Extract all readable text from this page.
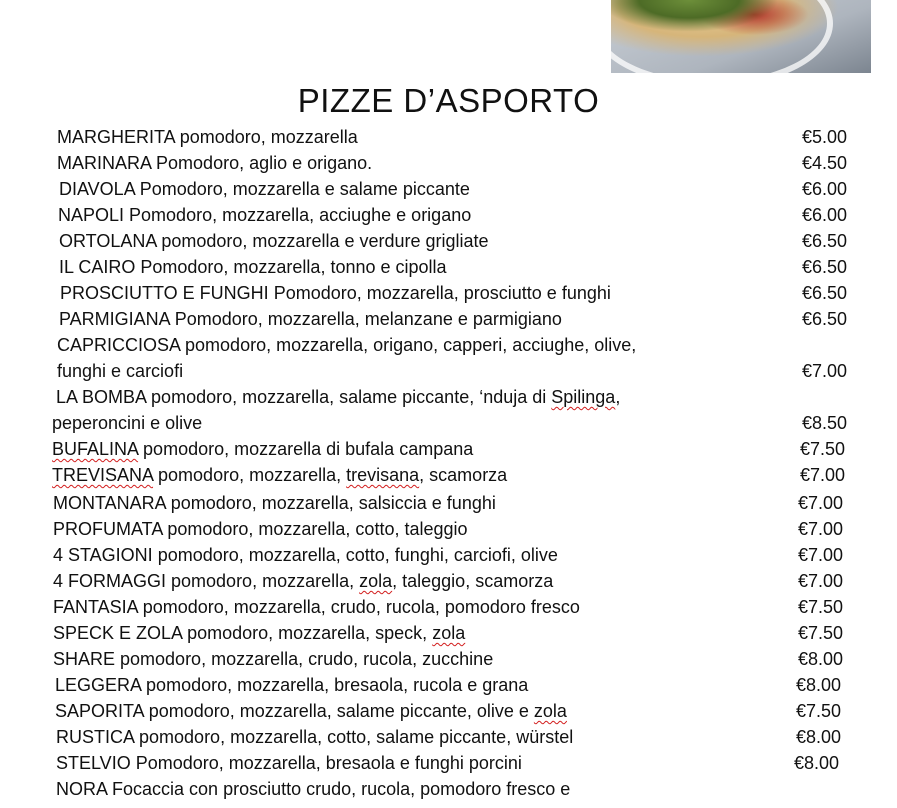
PIZZE D’ASPORTO
MARGHERITA pomodoro, mozzarella	€5.00
MARINARA Pomodoro, aglio e origano.	€4.50
DIAVOLA Pomodoro, mozzarella e salame piccante	€6.00
NAPOLI Pomodoro, mozzarella, acciughe e origano	€6.00
ORTOLANA pomodoro, mozzarella e verdure grigliate	€6.50
IL CAIRO Pomodoro, mozzarella, tonno e cipolla	€6.50
PROSCIUTTO E FUNGHI Pomodoro, mozzarella, prosciutto e funghi	€6.50
PARMIGIANA Pomodoro, mozzarella, melanzane e parmigiano	€6.50
CAPRICCIOSA pomodoro, mozzarella, origano, capperi, acciughe, olive,
funghi e carciofi	€7.00
LA BOMBA pomodoro, mozzarella, salame piccante, ‘nduja di Spilinga,
peperoncini e olive	€8.50
BUFALINA pomodoro, mozzarella di bufala campana	€7.50
TREVISANA pomodoro, mozzarella, trevisana, scamorza	€7.00
MONTANARA pomodoro, mozzarella, salsiccia e funghi	€7.00
PROFUMATA pomodoro, mozzarella, cotto, taleggio	€7.00
4 STAGIONI pomodoro, mozzarella, cotto, funghi, carciofi, olive	€7.00
4 FORMAGGI pomodoro, mozzarella, zola, taleggio, scamorza	€7.00
FANTASIA pomodoro, mozzarella, crudo, rucola, pomodoro fresco	€7.50
SPECK E ZOLA pomodoro, mozzarella, speck, zola	€7.50
SHARE pomodoro, mozzarella, crudo, rucola, zucchine	€8.00
LEGGERA pomodoro, mozzarella, bresaola, rucola e grana	€8.00
SAPORITA pomodoro, mozzarella, salame piccante, olive e zola	€7.50
RUSTICA pomodoro, mozzarella, cotto, salame piccante, würstel	€8.00
STELVIO Pomodoro, mozzarella, bresaola e funghi porcini	€8.00
NORA Focaccia con prosciutto crudo, rucola, pomodoro fresco e
